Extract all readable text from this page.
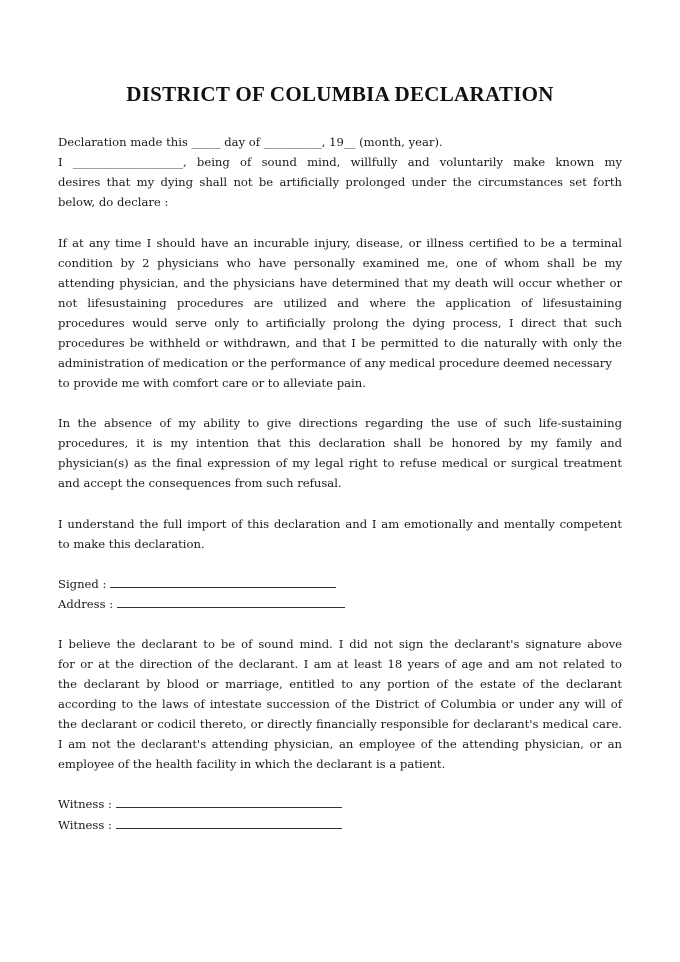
DISTRICT OF COLUMBIA DECLARATION
Declaration made this _____ day of __________, 19__ (month, year).
I ___________________, being of sound mind, willfully and voluntarily make known my
desires that my dying shall not be artificially prolonged under the circumstances set forth
below, do declare :
If at any time I should have an incurable injury, disease, or illness certified to be a terminal
condition by 2 physicians who have personally examined me, one of whom shall be my
attending physician, and the physicians have determined that my death will occur whether or
not lifesustaining procedures are utilized and where the application of lifesustaining
procedures would serve only to artificially prolong the dying process, I direct that such
procedures be withheld or withdrawn, and that I be permitted to die naturally with only the
administration of medication or the performance of any medical procedure deemed necessary
to provide me with comfort care or to alleviate pain.
In the absence of my ability to give directions regarding the use of such life-sustaining
procedures, it is my intention that this declaration shall be honored by my family and
physician(s) as the final expression of my legal right to refuse medical or surgical treatment
and accept the consequences from such refusal.
I understand the full import of this declaration and I am emotionally and mentally competent
to make this declaration.
Signed :
Address :
I believe the declarant to be of sound mind. I did not sign the declarant's signature above
for or at the direction of the declarant. I am at least 18 years of age and am not related to
the declarant by blood or marriage, entitled to any portion of the estate of the declarant
according to the laws of intestate succession of the District of Columbia or under any will of
the declarant or codicil thereto, or directly financially responsible for declarant's medical care.
I am not the declarant's attending physician, an employee of the attending physician, or an
employee of the health facility in which the declarant is a patient.
Witness :
Witness :
